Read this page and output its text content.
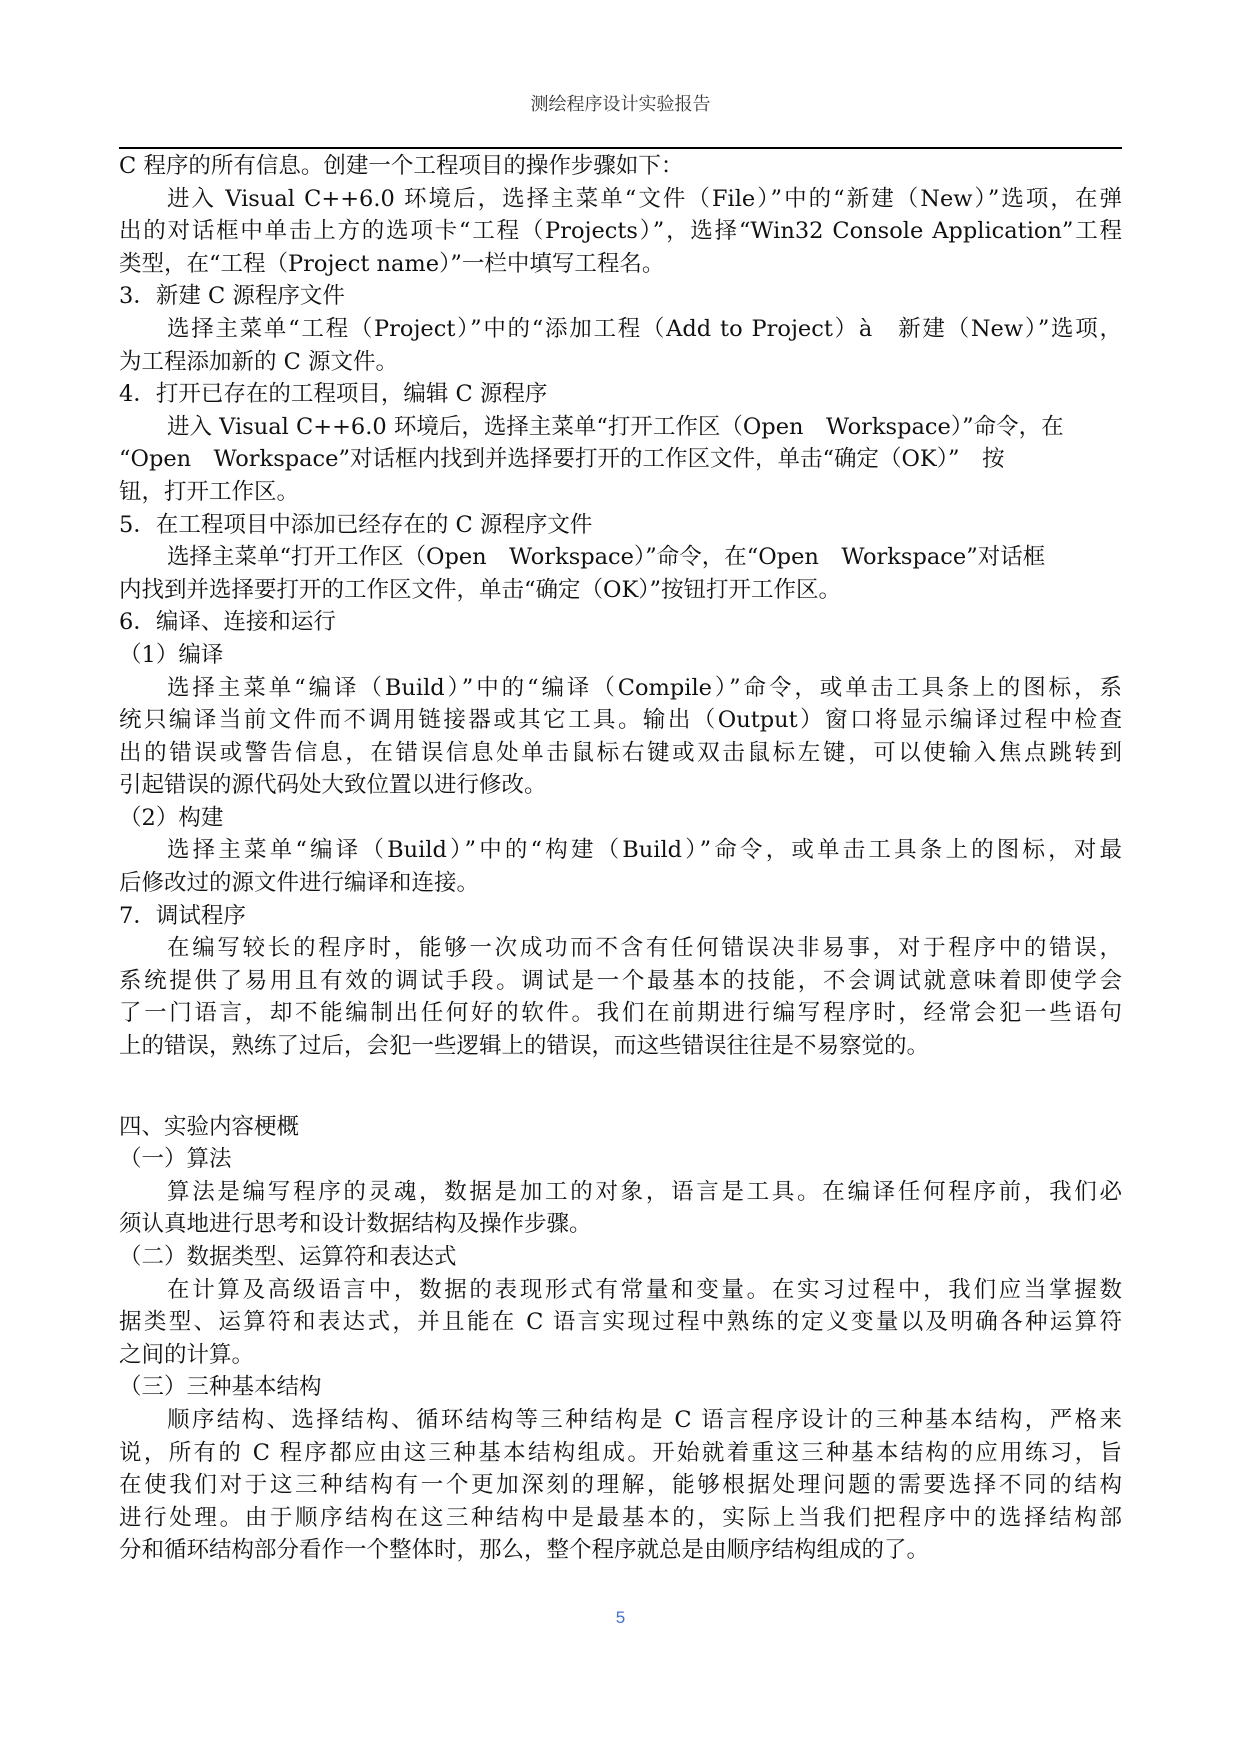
测绘程序设计实验报告
C 程序的所有信息。创建一个工程项目的操作步骤如下：
进入 Visual C++6.0 环境后，选择主菜单“文件（File）”中的“新建（New）”选项，在弹
出的对话框中单击上方的选项卡“工程（Projects）”，选择“Win32 Console Application”工程
类型，在“工程（Project name）”一栏中填写工程名。
3．新建 C 源程序文件
选择主菜单“工程（Project）”中的“添加工程（Add to Project）à　新建（New）”选项，
为工程添加新的 C 源文件。
4．打开已存在的工程项目，编辑 C 源程序
进入 Visual C++6.0 环境后，选择主菜单“打开工作区（Open　Workspace）”命令，在
“Open　Workspace”对话框内找到并选择要打开的工作区文件，单击“确定（OK）”　按
钮，打开工作区。
5．在工程项目中添加已经存在的 C 源程序文件
选择主菜单“打开工作区（Open　Workspace）”命令，在“Open　Workspace”对话框
内找到并选择要打开的工作区文件，单击“确定（OK）”按钮打开工作区。
6．编译、连接和运行
（1）编译
选择主菜单“编译（Build）”中的“编译（Compile）”命令，或单击工具条上的图标，系
统只编译当前文件而不调用链接器或其它工具。输出（Output）窗口将显示编译过程中检查
出的错误或警告信息，在错误信息处单击鼠标右键或双击鼠标左键，可以使输入焦点跳转到
引起错误的源代码处大致位置以进行修改。
（2）构建
选择主菜单“编译（Build）”中的“构建（Build）”命令，或单击工具条上的图标，对最
后修改过的源文件进行编译和连接。
7．调试程序
在编写较长的程序时，能够一次成功而不含有任何错误决非易事，对于程序中的错误，
系统提供了易用且有效的调试手段。调试是一个最基本的技能，不会调试就意味着即使学会
了一门语言，却不能编制出任何好的软件。我们在前期进行编写程序时，经常会犯一些语句
上的错误，熟练了过后，会犯一些逻辑上的错误，而这些错误往往是不易察觉的。
四、实验内容梗概
（一）算法
算法是编写程序的灵魂，数据是加工的对象，语言是工具。在编译任何程序前，我们必
须认真地进行思考和设计数据结构及操作步骤。
（二）数据类型、运算符和表达式
在计算及高级语言中，数据的表现形式有常量和变量。在实习过程中，我们应当掌握数
据类型、运算符和表达式，并且能在 C 语言实现过程中熟练的定义变量以及明确各种运算符
之间的计算。
（三）三种基本结构
顺序结构、选择结构、循环结构等三种结构是 C 语言程序设计的三种基本结构，严格来
说，所有的 C 程序都应由这三种基本结构组成。开始就着重这三种基本结构的应用练习，旨
在使我们对于这三种结构有一个更加深刻的理解，能够根据处理问题的需要选择不同的结构
进行处理。由于顺序结构在这三种结构中是最基本的，实际上当我们把程序中的选择结构部
分和循环结构部分看作一个整体时，那么，整个程序就总是由顺序结构组成的了。
5
